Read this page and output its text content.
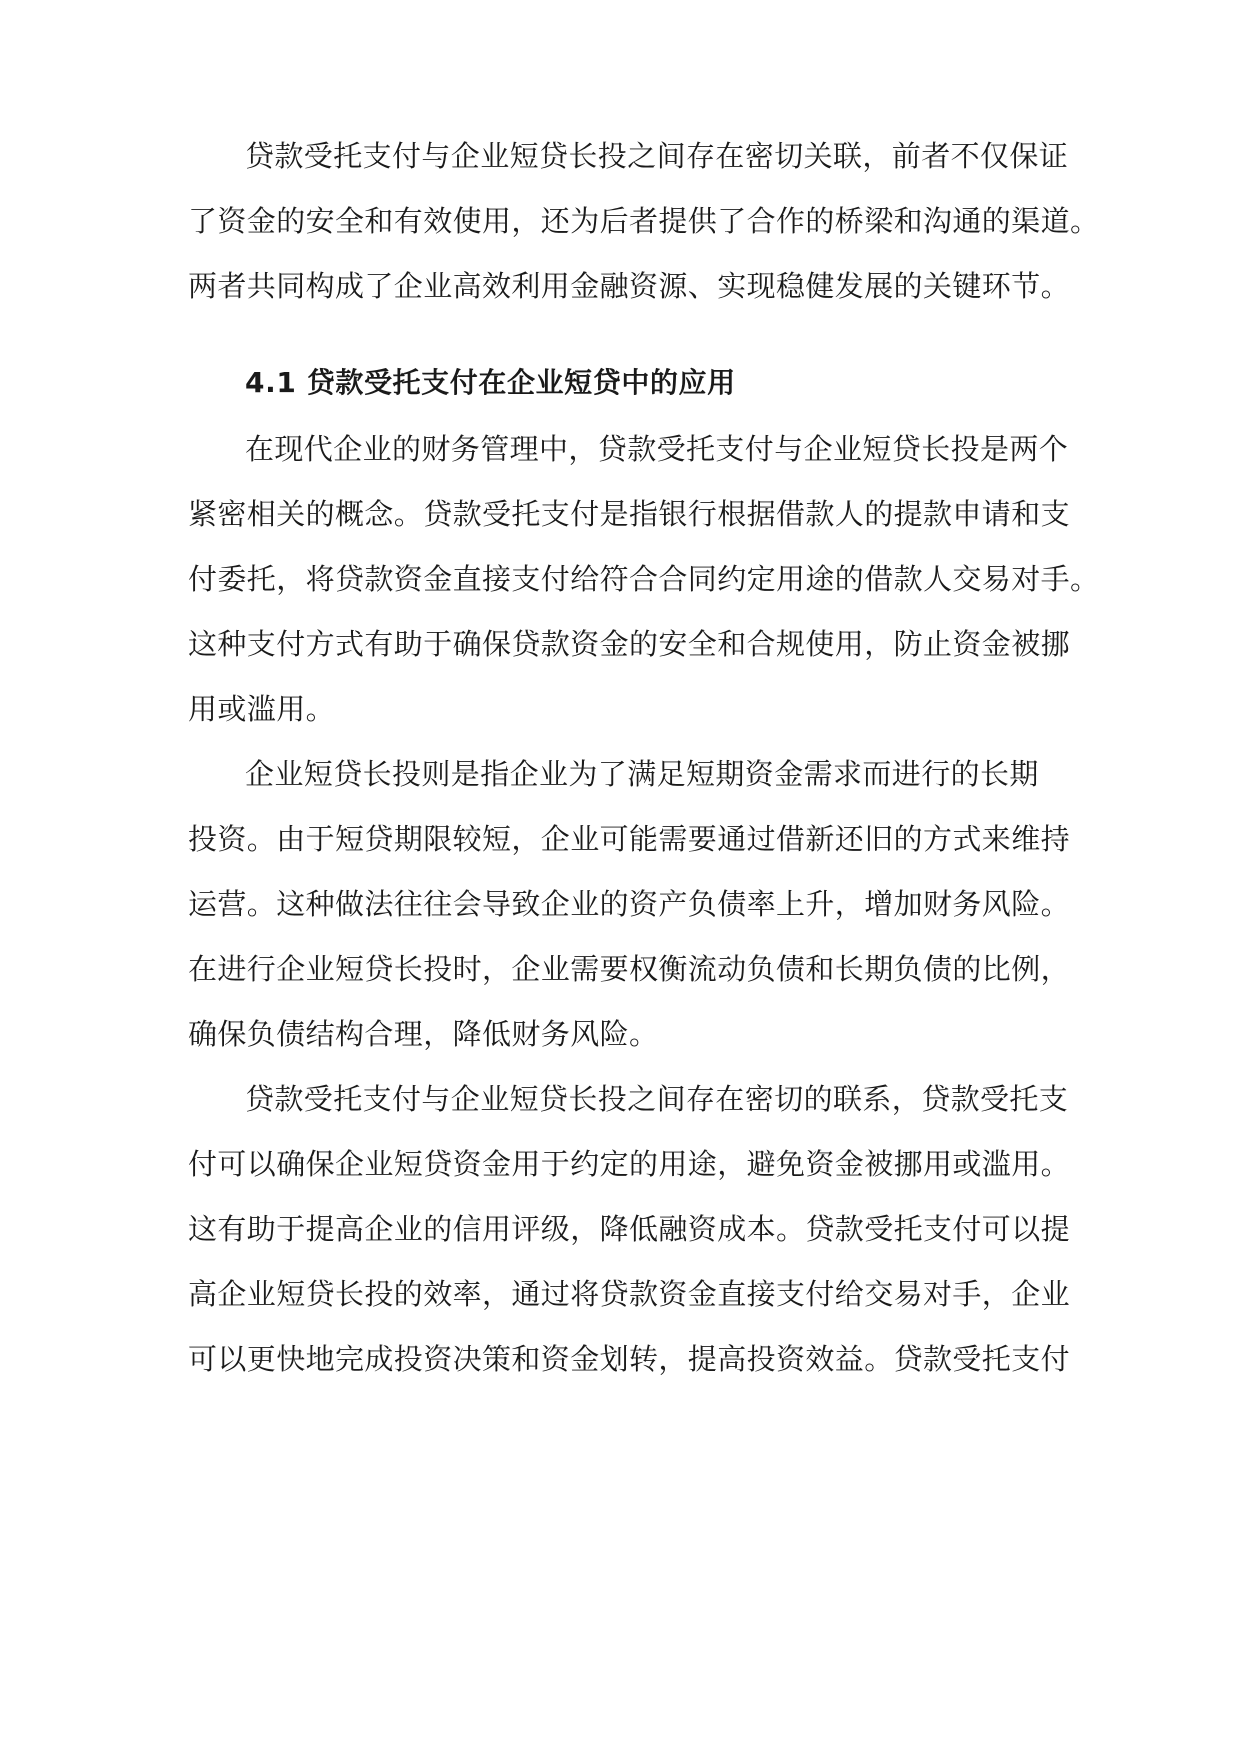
贷款受托支付与企业短贷长投之间存在密切关联，前者不仅保证

了资金的安全和有效使用，还为后者提供了合作的桥梁和沟通的渠道。

两者共同构成了企业高效利用金融资源、实现稳健发展的关键环节。

4.1 贷款受托支付在企业短贷中的应用

在现代企业的财务管理中，贷款受托支付与企业短贷长投是两个

紧密相关的概念。贷款受托支付是指银行根据借款人的提款申请和支

付委托，将贷款资金直接支付给符合合同约定用途的借款人交易对手。

这种支付方式有助于确保贷款资金的安全和合规使用，防止资金被挪

用或滥用。

企业短贷长投则是指企业为了满足短期资金需求而进行的长期

投资。由于短贷期限较短，企业可能需要通过借新还旧的方式来维持

运营。这种做法往往会导致企业的资产负债率上升，增加财务风险。

在进行企业短贷长投时，企业需要权衡流动负债和长期负债的比例，

确保负债结构合理，降低财务风险。

贷款受托支付与企业短贷长投之间存在密切的联系，贷款受托支

付可以确保企业短贷资金用于约定的用途，避免资金被挪用或滥用。

这有助于提高企业的信用评级，降低融资成本。贷款受托支付可以提

高企业短贷长投的效率，通过将贷款资金直接支付给交易对手，企业

可以更快地完成投资决策和资金划转，提高投资效益。贷款受托支付
